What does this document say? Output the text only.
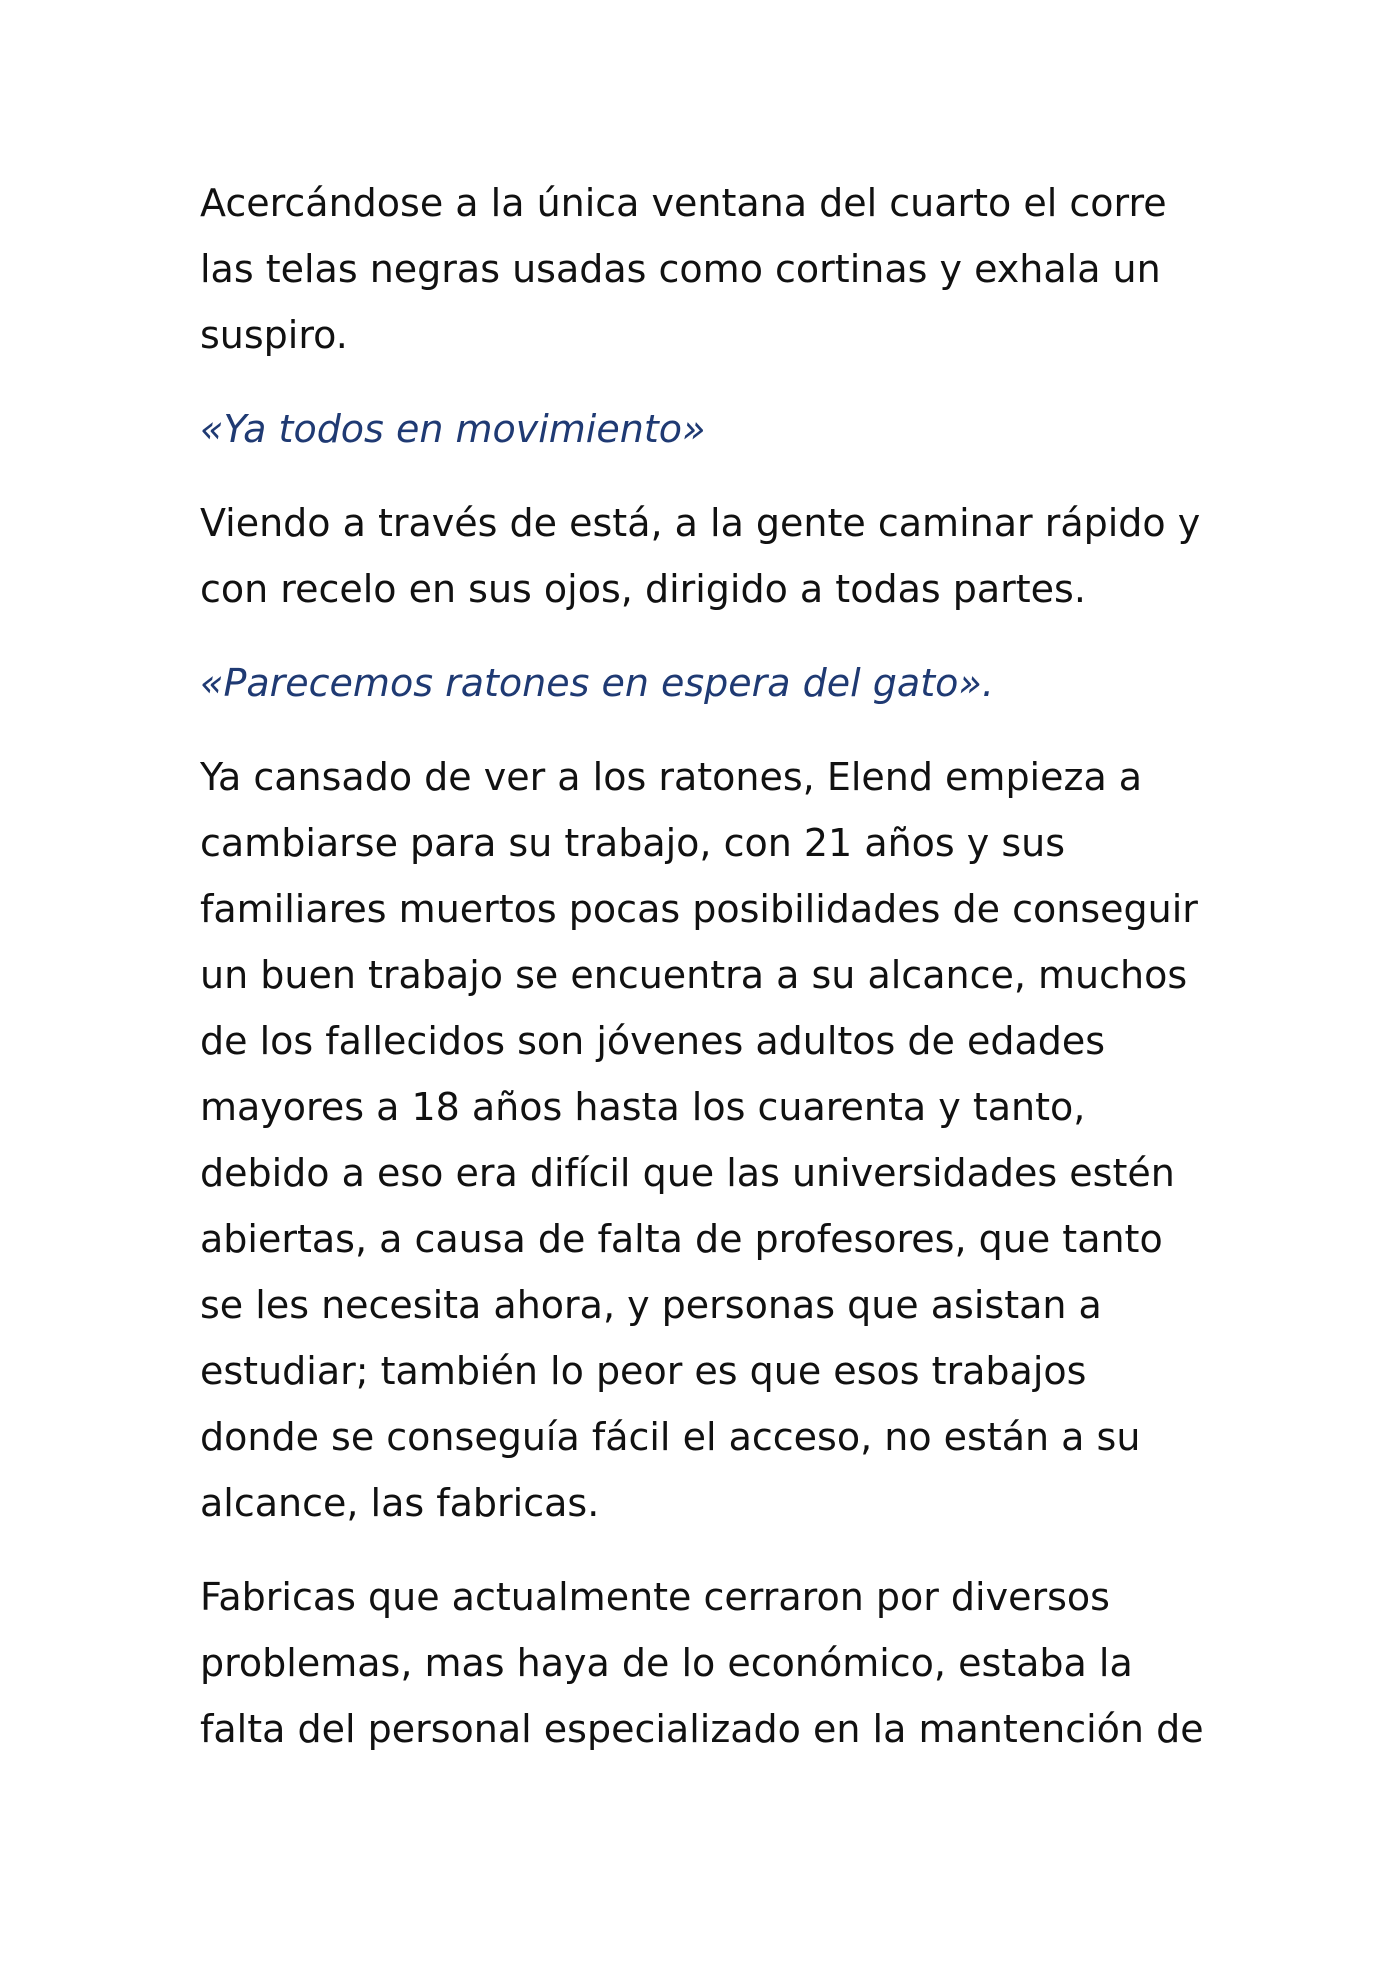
Acercándose a la única ventana del cuarto el corre las telas negras usadas como cortinas y exhala un suspiro.

«Ya todos en movimiento»

Viendo a través de está, a la gente caminar rápido y con recelo en sus ojos, dirigido a todas partes.

«Parecemos ratones en espera del gato».

Ya cansado de ver a los ratones, Elend empieza a cambiarse para su trabajo, con 21 años y sus familiares muertos pocas posibilidades de conseguir un buen trabajo se encuentra a su alcance, muchos de los fallecidos son jóvenes adultos de edades mayores a 18 años hasta los cuarenta y tanto, debido a eso era difícil que las universidades estén abiertas, a causa de falta de profesores, que tanto se les necesita ahora, y personas que asistan a estudiar; también lo peor es que esos trabajos donde se conseguía fácil el acceso, no están a su alcance, las fabricas.

Fabricas que actualmente cerraron por diversos problemas, mas haya de lo económico, estaba la falta del personal especializado en la mantención de
